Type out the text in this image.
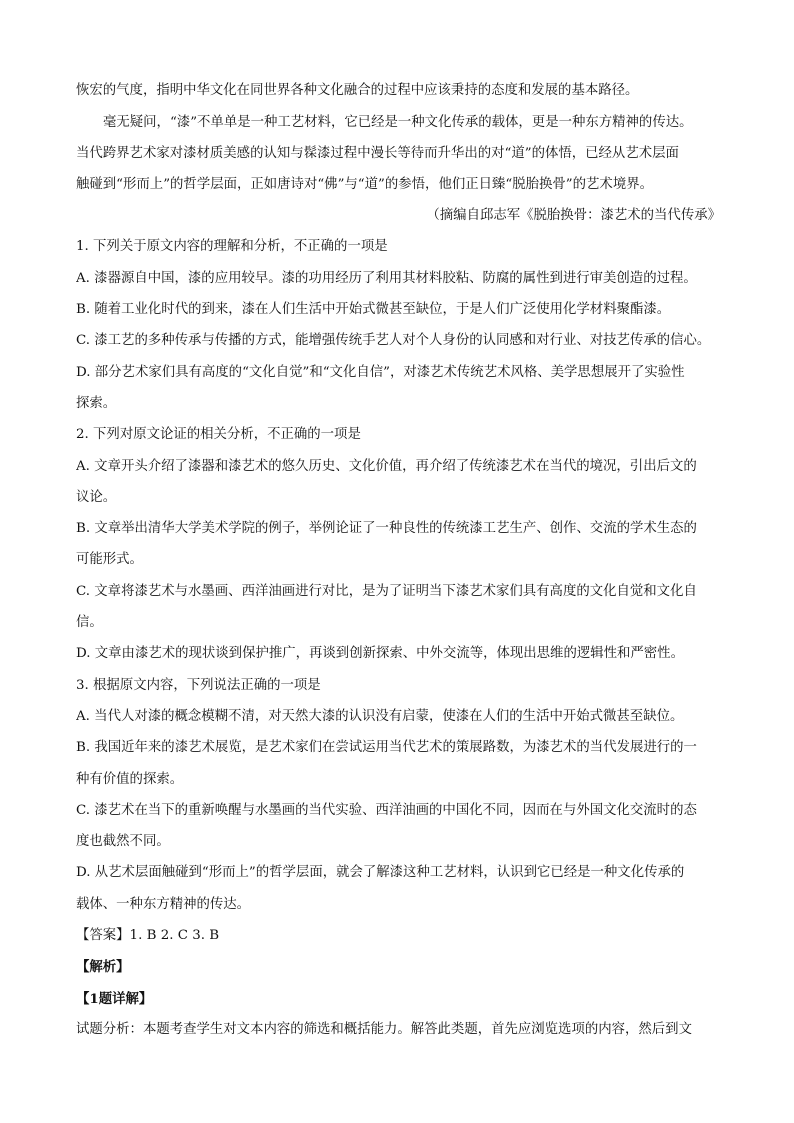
恢宏的气度，指明中华文化在同世界各种文化融合的过程中应该秉持的态度和发展的基本路径。
毫无疑问，“漆”不单单是一种工艺材料，它已经是一种文化传承的载体，更是一种东方精神的传达。
当代跨界艺术家对漆材质美感的认知与髹漆过程中漫长等待而升华出的对“道”的体悟，已经从艺术层面
触碰到“形而上”的哲学层面，正如唐诗对“佛”与“道”的参悟，他们正日臻“脱胎换骨”的艺术境界。
（摘编自邱志军《脱胎换骨：漆艺术的当代传承》
1. 下列关于原文内容的理解和分析，不正确的一项是
A. 漆器源自中国，漆的应用较早。漆的功用经历了利用其材料胶粘、防腐的属性到进行审美创造的过程。
B. 随着工业化时代的到来，漆在人们生活中开始式微甚至缺位，于是人们广泛使用化学材料聚酯漆。
C. 漆工艺的多种传承与传播的方式，能增强传统手艺人对个人身份的认同感和对行业、对技艺传承的信心。
D. 部分艺术家们具有高度的“文化自觉”和“文化自信”，对漆艺术传统艺术风格、美学思想展开了实验性
探索。
2. 下列对原文论证的相关分析，不正确的一项是
A. 文章开头介绍了漆器和漆艺术的悠久历史、文化价值，再介绍了传统漆艺术在当代的境况，引出后文的
议论。
B. 文章举出清华大学美术学院的例子，举例论证了一种良性的传统漆工艺生产、创作、交流的学术生态的
可能形式。
C. 文章将漆艺术与水墨画、西洋油画进行对比，是为了证明当下漆艺术家们具有高度的文化自觉和文化自
信。
D. 文章由漆艺术的现状谈到保护推广，再谈到创新探索、中外交流等，体现出思维的逻辑性和严密性。
3. 根据原文内容，下列说法正确的一项是
A. 当代人对漆的概念模糊不清，对天然大漆的认识没有启蒙，使漆在人们的生活中开始式微甚至缺位。
B. 我国近年来的漆艺术展览，是艺术家们在尝试运用当代艺术的策展路数，为漆艺术的当代发展进行的一
种有价值的探索。
C. 漆艺术在当下的重新唤醒与水墨画的当代实验、西洋油画的中国化不同，因而在与外国文化交流时的态
度也截然不同。
D. 从艺术层面触碰到“形而上”的哲学层面，就会了解漆这种工艺材料，认识到它已经是一种文化传承的
载体、一种东方精神的传达。
【答案】1. B 2. C 3. B
【解析】
【1题详解】
试题分析：本题考查学生对文本内容的筛选和概括能力。解答此类题，首先应浏览选项的内容，然后到文
